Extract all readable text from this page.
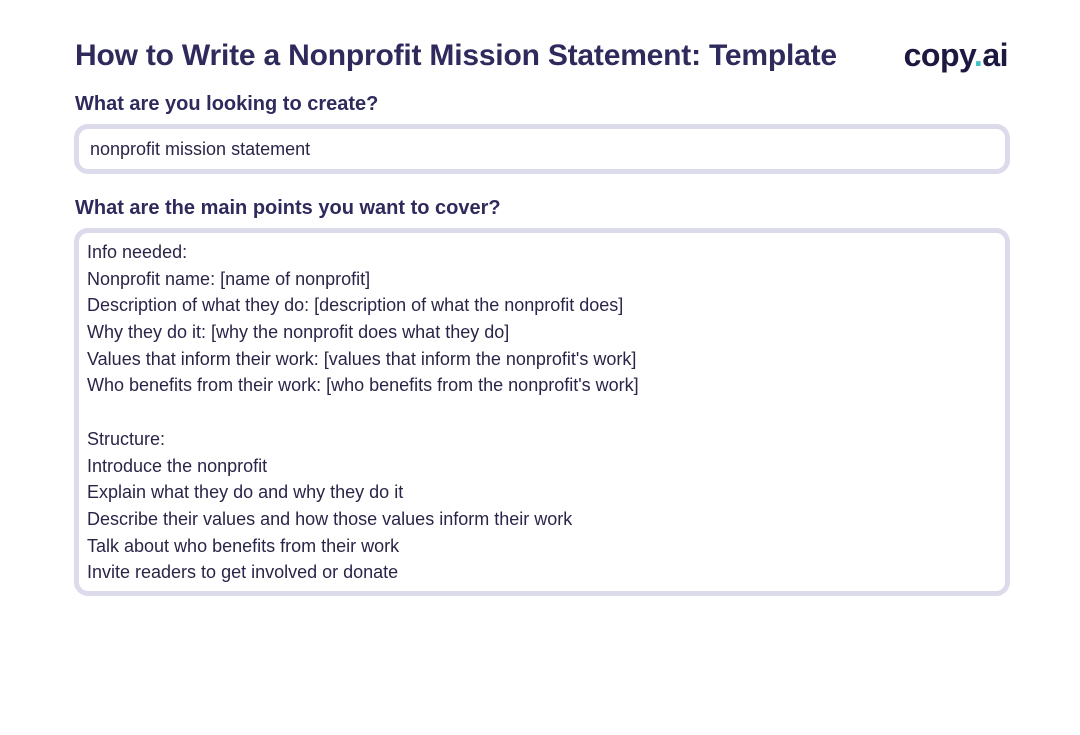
How to Write a Nonprofit Mission Statement: Template copy.ai
What are you looking to create?
nonprofit mission statement
What are the main points you want to cover?
Info needed:
Nonprofit name: [name of nonprofit]
Description of what they do: [description of what the nonprofit does]
Why they do it: [why the nonprofit does what they do]
Values that inform their work: [values that inform the nonprofit's work]
Who benefits from their work: [who benefits from the nonprofit's work]
Structure:
Introduce the nonprofit
Explain what they do and why they do it
Describe their values and how those values inform their work
Talk about who benefits from their work
Invite readers to get involved or donate
